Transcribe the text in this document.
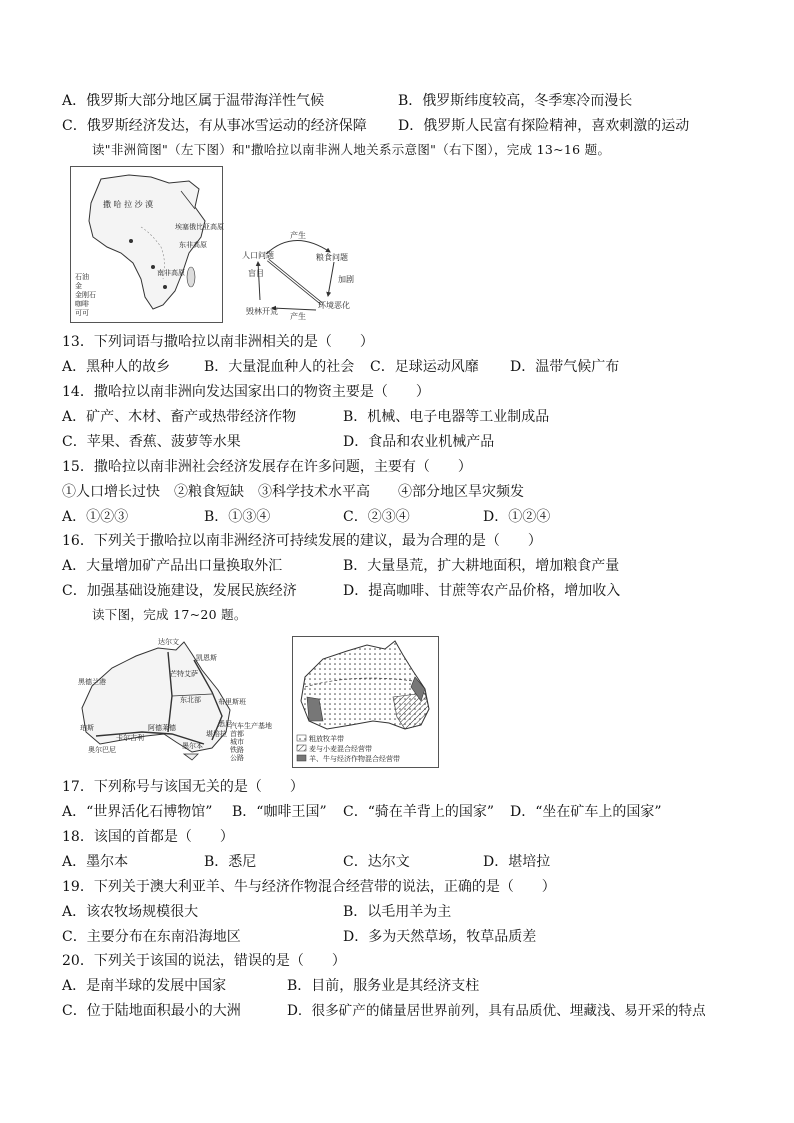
A．俄罗斯大部分地区属于温带海洋性气候	B．俄罗斯纬度较高，冬季寒冷而漫长
C．俄罗斯经济发达，有从事冰雪运动的经济保障 D．俄罗斯人民富有探险精神，喜欢刺激的运动
读"非洲简图"（左下图）和"撒哈拉以南非洲人地关系示意图"（右下图），完成 13~16 题。
撒 哈 拉 沙 漠
埃塞俄比亚高原
东非高原
南非高原
石油
金
金刚石
咖啡
可可
产生
人口问题	粮食问题
盲目
加剧
毁林开荒
环境恶化
产生
13．下列词语与撒哈拉以南非洲相关的是（　　）
A．黑种人的故乡 B．大量混血种人的社会 C．足球运动风靡 D．温带气候广布
14．撒哈拉以南非洲向发达国家出口的物资主要是（　　）
A．矿产、木材、畜产或热带经济作物	B．机械、电子电器等工业制成品
C．苹果、香蕉、菠萝等水果	D．食品和农业机械产品
15．撒哈拉以南非洲社会经济发展存在许多问题，主要有（　　）
①人口增长过快　②粮食短缺　③科学技术水平高　　④部分地区旱灾频发
A．①②③	B．①③④	C．②③④	D．①②④
16．下列关于撒哈拉以南非洲经济可持续发展的建议，最为合理的是（　　）
A．大量增加矿产品出口量换取外汇	B．大量垦荒，扩大耕地面积，增加粮食产量
C．加强基础设施建设，发展民族经济	D．提高咖啡、甘蔗等农产品价格，增加收入
读下图，完成 17~20 题。
达尔文
凯恩斯
黑德兰港
芒特艾萨
东北部 布里斯班
悉尼
堪培拉
墨尔本
阿德莱德
珀斯
奥尔巴尼
卡尔古利
汽车生产基地
首都
城市
铁路
公路
粗放牧羊带
麦与小麦混合经营带
羊、牛与经济作物混合经营带
17．下列称号与该国无关的是（　　）
A．“世界活化石博物馆” B．“咖啡王国” C．“骑在羊背上的国家” D．“坐在矿车上的国家”
18．该国的首都是（　　）
A．墨尔本	B．悉尼	C．达尔文	D．堪培拉
19．下列关于澳大利亚羊、牛与经济作物混合经营带的说法，正确的是（　　）
A．该农牧场规模很大	B．以毛用羊为主
C．主要分布在东南沿海地区	D．多为天然草场，牧草品质差
20．下列关于该国的说法，错误的是（　　）
A．是南半球的发展中国家	B．目前，服务业是其经济支柱
C．位于陆地面积最小的大洲	D．很多矿产的储量居世界前列，具有品质优、埋藏浅、易开采的特点
